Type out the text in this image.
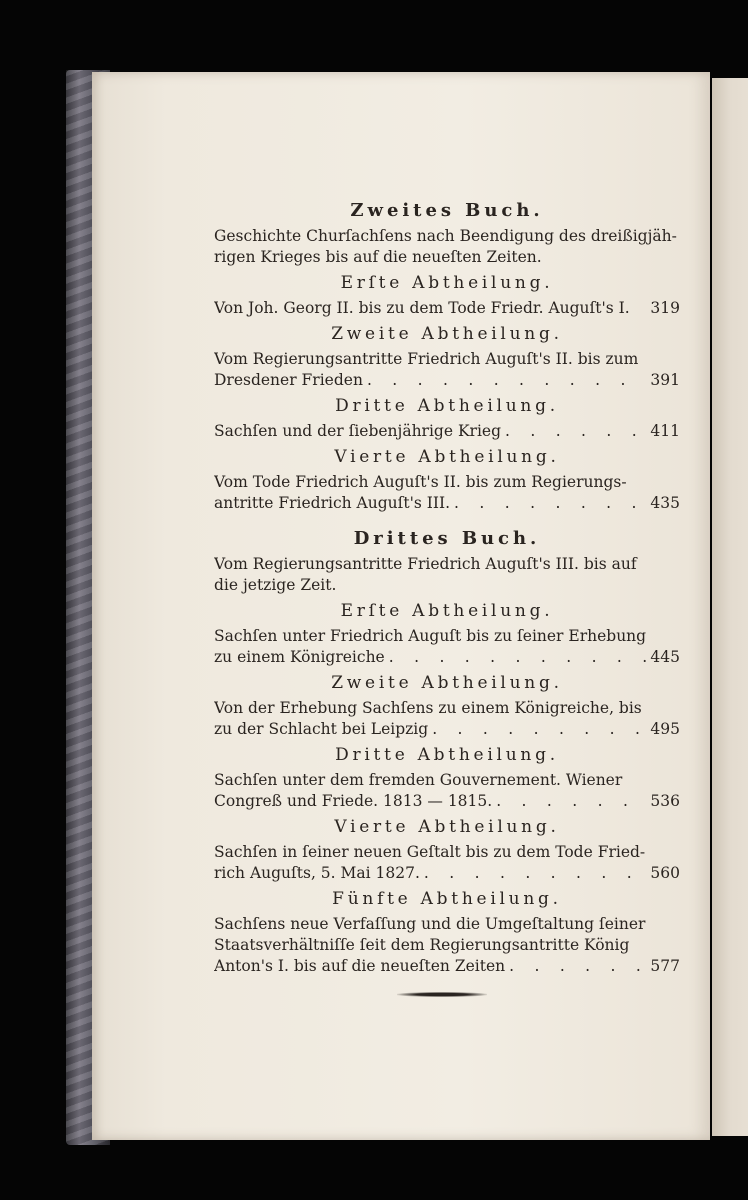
Zweites Buch.
Geschichte Churſachſens nach Beendigung des dreißigjäh-
rigen Krieges bis auf die neueſten Zeiten.
Erſte Abtheilung.
Von Joh. Georg II. bis zu dem Tode Friedr. Auguſt's I. 319
Zweite Abtheilung.
Vom Regierungsantritte Friedrich Auguſt's II. bis zum
Dresdener Frieden . . .	391
Dritte Abtheilung.
Sachſen und der ſiebenjährige Krieg . . .	411
Vierte Abtheilung.
Vom Tode Friedrich Auguſt's II. bis zum Regierungs-
antritte Friedrich Auguſt's III. . . .	435
Drittes Buch.
Vom Regierungsantritte Friedrich Auguſt's III. bis auf
die jetzige Zeit.
Erſte Abtheilung.
Sachſen unter Friedrich Auguſt bis zu ſeiner Erhebung
zu einem Königreiche . . .	445
Zweite Abtheilung.
Von der Erhebung Sachſens zu einem Königreiche, bis
zu der Schlacht bei Leipzig . . .	495
Dritte Abtheilung.
Sachſen unter dem fremden Gouvernement. Wiener
Congreß und Friede. 1813 — 1815. . . .	536
Vierte Abtheilung.
Sachſen in ſeiner neuen Geſtalt bis zu dem Tode Fried-
rich Auguſts, 5. Mai 1827. . . .	560
Fünfte Abtheilung.
Sachſens neue Verfaſſung und die Umgeſtaltung ſeiner
Staatsverhältniſſe ſeit dem Regierungsantritte König
Anton's I. bis auf die neueſten Zeiten . . .	577
